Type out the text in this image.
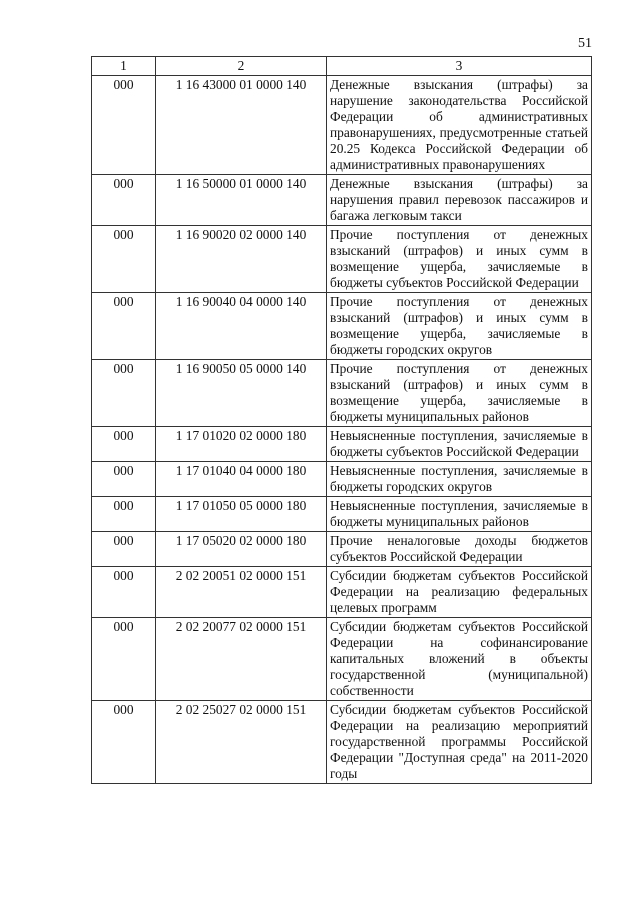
51
1	2	3
000	1 16 43000 01 0000 140	Денежные взыскания (штрафы) за нарушение законодательства Российской Федерации об административных правонарушениях, предусмотренные статьей 20.25 Кодекса Российской Федерации об административных правонарушениях
000	1 16 50000 01 0000 140	Денежные взыскания (штрафы) за нарушения правил перевозок пассажиров и багажа легковым такси
000	1 16 90020 02 0000 140	Прочие поступления от денежных взысканий (штрафов) и иных сумм в возмещение ущерба, зачисляемые в бюджеты субъектов Российской Федерации
000	1 16 90040 04 0000 140	Прочие поступления от денежных взысканий (штрафов) и иных сумм в возмещение ущерба, зачисляемые в бюджеты городских округов
000	1 16 90050 05 0000 140	Прочие поступления от денежных взысканий (штрафов) и иных сумм в возмещение ущерба, зачисляемые в бюджеты муниципальных районов
000	1 17 01020 02 0000 180	Невыясненные поступления, зачисляемые в бюджеты субъектов Российской Федерации
000	1 17 01040 04 0000 180	Невыясненные поступления, зачисляемые в бюджеты городских округов
000	1 17 01050 05 0000 180	Невыясненные поступления, зачисляемые в бюджеты муниципальных районов
000	1 17 05020 02 0000 180	Прочие неналоговые доходы бюджетов субъектов Российской Федерации
000	2 02 20051 02 0000 151	Субсидии бюджетам субъектов Российской Федерации на реализацию федеральных целевых программ
000	2 02 20077 02 0000 151	Субсидии бюджетам субъектов Российской Федерации на софинансирование капитальных вложений в объекты государственной (муниципальной) собственности
000	2 02 25027 02 0000 151	Субсидии бюджетам субъектов Российской Федерации на реализацию мероприятий государственной программы Российской Федерации "Доступная среда" на 2011-2020 годы
